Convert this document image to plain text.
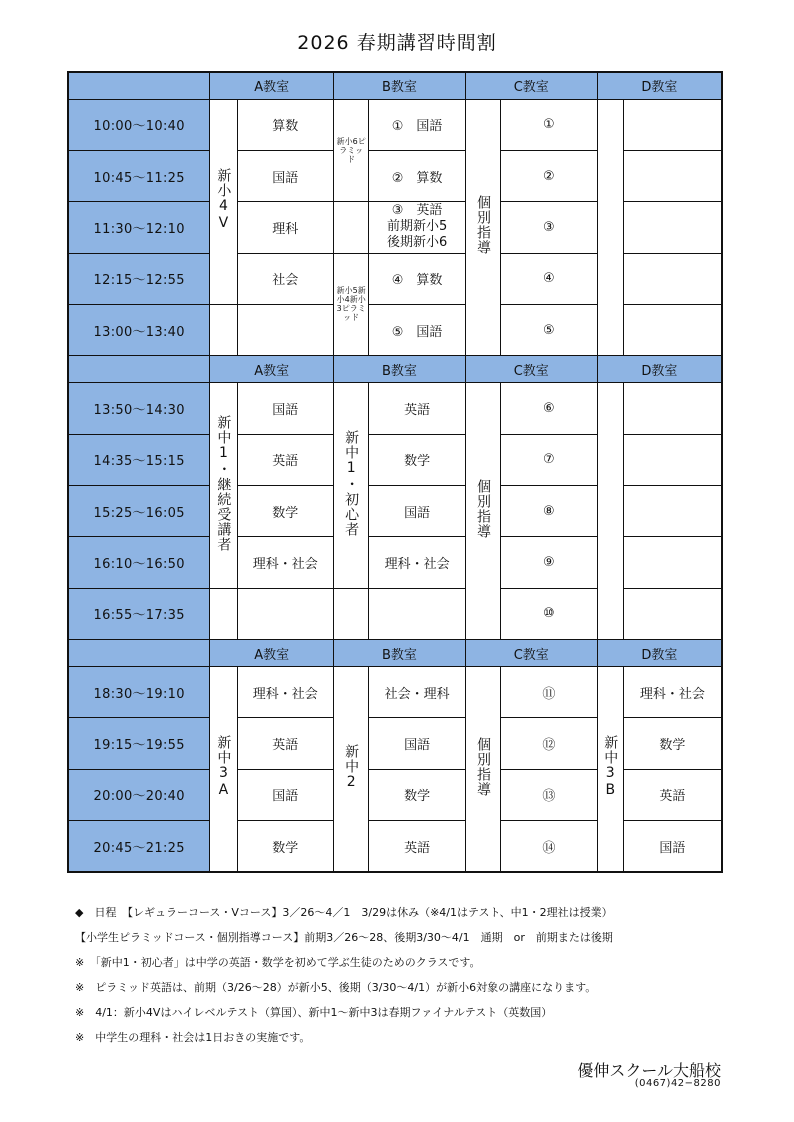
2026 春期講習時間割
	A教室		B教室		C教室		D教室	
10:00～10:40	新小4V	算数	新小6ピラミッド	①　国語	個別指導	①		
10:45～11:25		国語		②　算数		②		
11:30～12:10		理科		③　英語
前期新小5
後期新小6		③		
12:15～12:55		社会	新小5新小4新小3ピラミッド	④　算数		④		
13:00～13:40				⑤　国語		⑤		
	A教室		B教室		C教室		D教室	
13:50～14:30	新中1・継続受講者	国語	新中1・初心者	英語	個別指導	⑥		
14:35～15:15		英語		数学		⑦		
15:25～16:05		数学		国語		⑧		
16:10～16:50		理科・社会		理科・社会		⑨		
16:55～17:35						⑩		
	A教室		B教室		C教室		D教室	
18:30～19:10	新中3A	理科・社会	新中2	社会・理科	個別指導	⑪	新中3B	理科・社会
19:15～19:55		英語		国語		⑫		数学
20:00～20:40		国語		数学		⑬		英語
20:45～21:25		数学		英語		⑭		国語
◆　日程　【レギュラーコース・Vコース】3／26～4／1　3/29は休み（※4/1はテスト、中1・2理社は授業）
【小学生ピラミッドコース・個別指導コース】前期3／26～28、後期3/30～4/1　通期　or　前期または後期
※　「新中1・初心者」は中学の英語・数学を初めて学ぶ生徒のためのクラスです。
※　ピラミッド英語は、前期（3/26～28）が新小5、後期（3/30～4/1）が新小6対象の講座になります。
※　4/1：新小4Vはハイレベルテスト（算国）、新中1～新中3は春期ファイナルテスト（英数国）
※　中学生の理科・社会は1日おきの実施です。
優伸スクール大船校
(0467)42−8280
